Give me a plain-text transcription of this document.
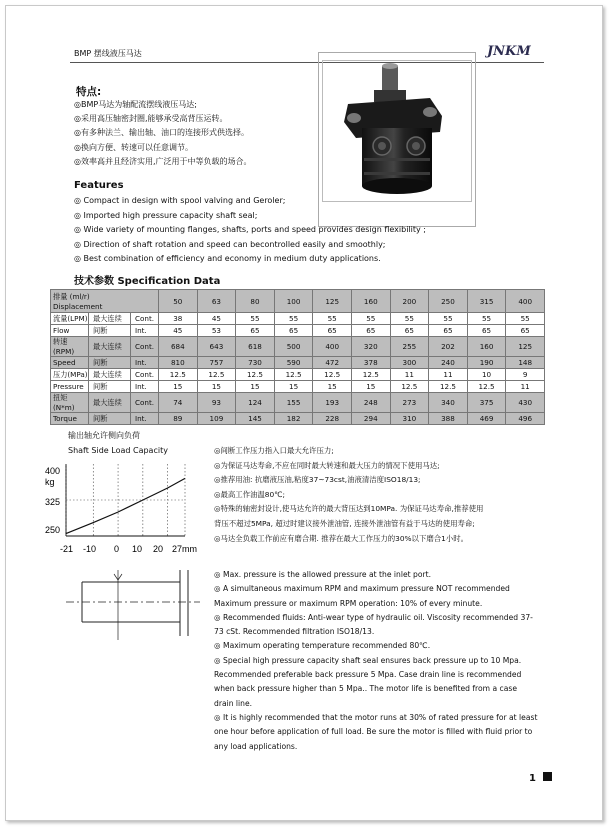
BMP 摆线液压马达	JNKM
特点:
◎BMP马达为轴配流摆线液压马达;
◎采用高压轴密封圈,能够承受高背压运转。
◎有多种法兰、输出轴、油口的连接形式供选择。
◎换向方便、转速可以任意调节。
◎效率高并且经济实用,广泛用于中等负载的场合。
Features
◎ Compact in design with spool valving and Geroler;
◎ Imported high pressure capacity shaft seal;
◎ Wide variety of mounting flanges, shafts, ports and speed provides design flexibility ;
◎ Direction of shaft rotation and speed can becontrolled easily and smoothly;
◎ Best combination of efficiency and economy in medium duty applications.
技术参数 Specification Data
排量 (ml/r)
Displacement			50	63	80	100	125	160	200	250	315	400
流量(LPM)	最大连续	Cont.	38	45	55	55	55	55	55	55	55	55
Flow	间断	Int.	45	53	65	65	65	65	65	65	65	65
转速(RPM)	最大连续	Cont.	684	643	618	500	400	320	255	202	160	125
Speed	间断	Int.	810	757	730	590	472	378	300	240	190	148
压力(MPa)	最大连续	Cont.	12.5	12.5	12.5	12.5	12.5	12.5	11	11	10	9
Pressure	间断	Int.	15	15	15	15	15	15	12.5	12.5	12.5	11
扭矩(N*m)	最大连续	Cont.	74	93	124	155	193	248	273	340	375	430
Torque	间断	Int.	89	109	145	182	228	294	310	388	469	496
输出轴允许侧向负荷
Shaft Side Load Capacity
400
kg
325
250
-21 -10 0 10 20 27mm
◎间断工作压力指入口最大允许压力;
◎为保证马达寿命,不应在同时最大转速和最大压力的情况下使用马达;
◎推荐用油: 抗磨液压油,粘度37~73cst,油液清洁度ISO18/13;
◎最高工作油温80℃;
◎特殊的轴密封设计,使马达允许的最大背压达到10MPa. 为保证马达寿命,推荐使用
背压不超过5MPa, 超过时建议接外泄油管, 连接外泄油管有益于马达的使用寿命;
◎马达全负载工作前应有磨合期. 推荐在最大工作压力的30%以下磨合1小时。
◎ Max. pressure is the allowed pressure at the inlet port.
◎ A simultaneous maximum RPM and maximum pressure NOT recommended
Maximum pressure or maximum RPM operation: 10% of every minute.
◎ Recommended fluids: Anti-wear type of hydraulic oil. Viscosity recommended 37-
73 cSt. Recommended filtration ISO18/13.
◎ Maximum operating temperature recommended 80℃.
◎ Special high pressure capacity shaft seal ensures back pressure up to 10 Mpa.
Recommended preferable back pressure 5 Mpa. Case drain line is recommended
when back pressure higher than 5 Mpa.. The motor life is benefited from a case
drain line.
◎ It is highly recommended that the motor runs at 30% of rated pressure for at least
one hour before application of full load. Be sure the motor is filled with fluid prior to
any load applications.
1
